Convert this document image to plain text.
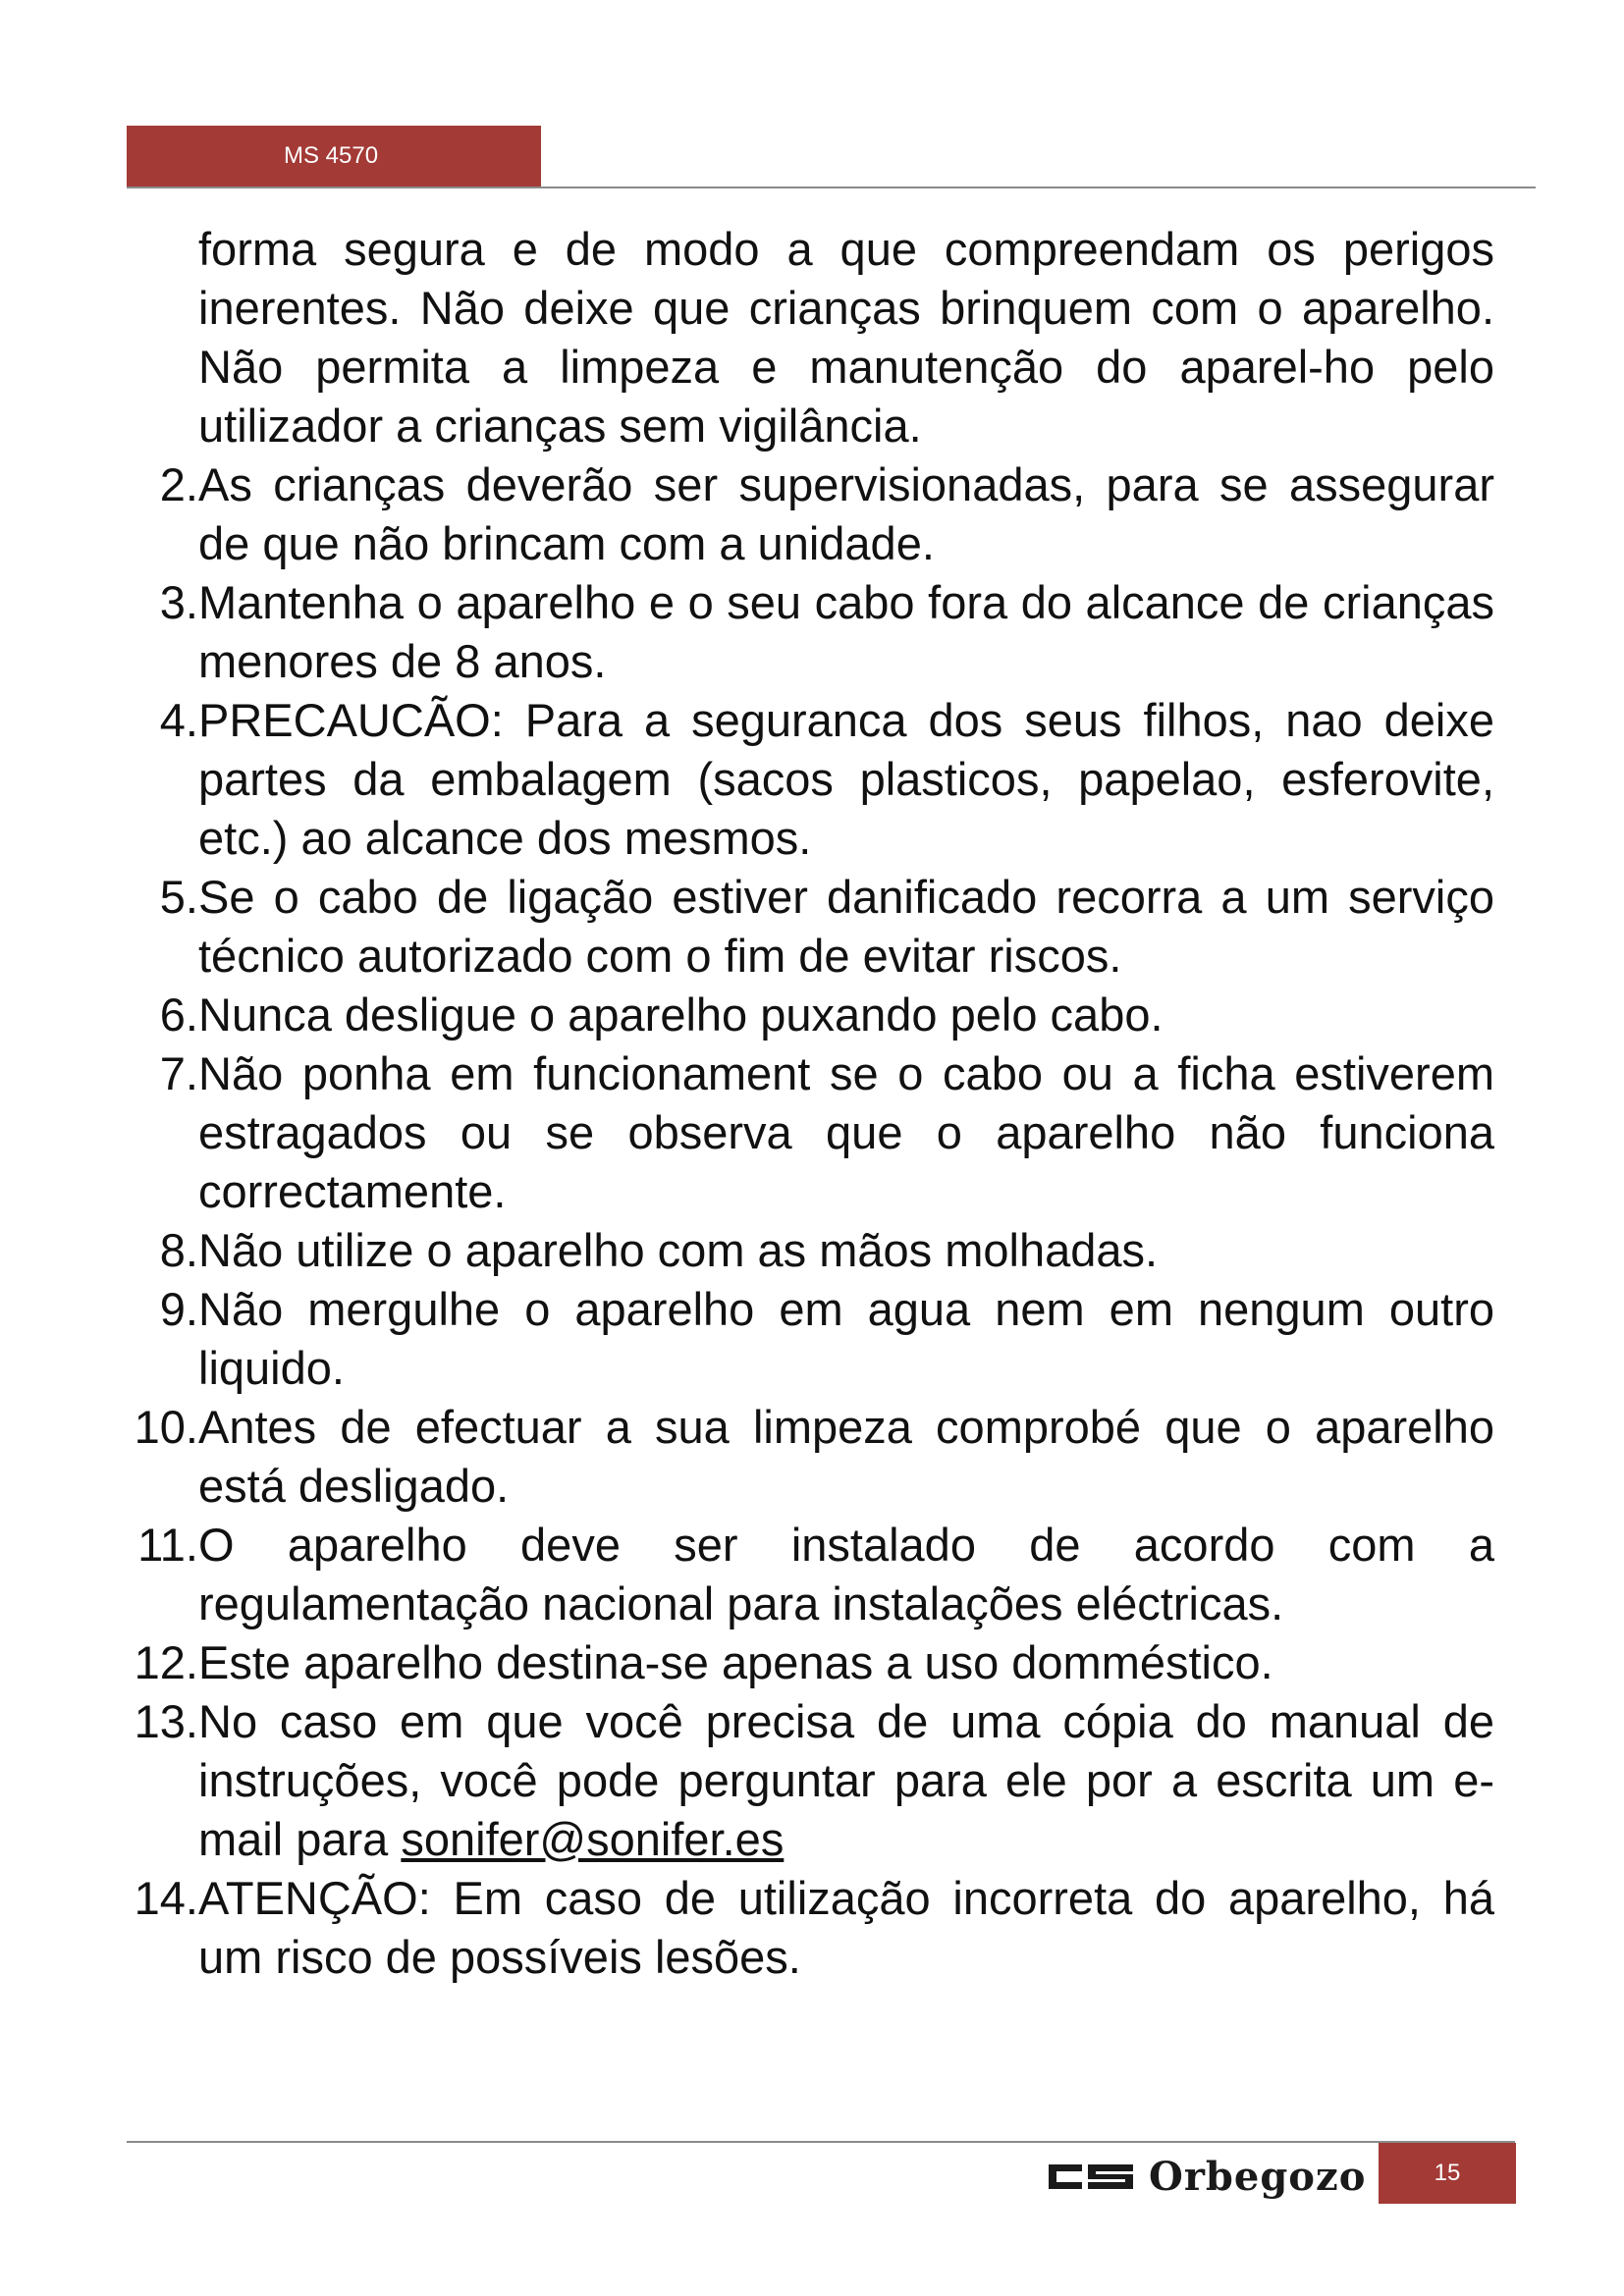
MS 4570
forma segura e de modo a que compreendam os perigos inerentes. Não deixe que crianças brinquem com o aparelho. Não permita a limpeza e manutenção do aparel-ho pelo utilizador a crianças sem vigilância.
2. As crianças deverão ser supervisionadas, para se assegurar de que não brincam com a unidade.
3. Mantenha o aparelho e o seu cabo fora do alcance de crianças menores de 8 anos.
4. PRECAUCÃO: Para a seguranca dos seus filhos, nao deixe partes da embalagem (sacos plasticos, papelao, esferovite, etc.) ao alcance dos mesmos.
5. Se o cabo de ligação estiver danificado recorra a um serviço técnico autorizado com o fim de evitar riscos.
6. Nunca desligue o aparelho puxando pelo cabo.
7. Não ponha em funcionament se o cabo ou a ficha estiverem estragados ou se observa que o aparelho não funciona correctamente.
8. Não utilize o aparelho com as mãos molhadas.
9. Não mergulhe o aparelho em agua nem em nengum outro liquido.
10. Antes de efectuar a sua limpeza comprobé que o aparelho está desligado.
11. O aparelho deve ser instalado de acordo com a regulamentação nacional para instalações eléctricas.
12. Este aparelho destina-se apenas a uso domméstico.
13. No caso em que você precisa de uma cópia do manual de instruções, você pode perguntar para ele por a escrita um e-mail para sonifer@sonifer.es
14. ATENÇÃO: Em caso de utilização incorreta do aparelho, há um risco de possíveis lesões.
Orbegozo	15
